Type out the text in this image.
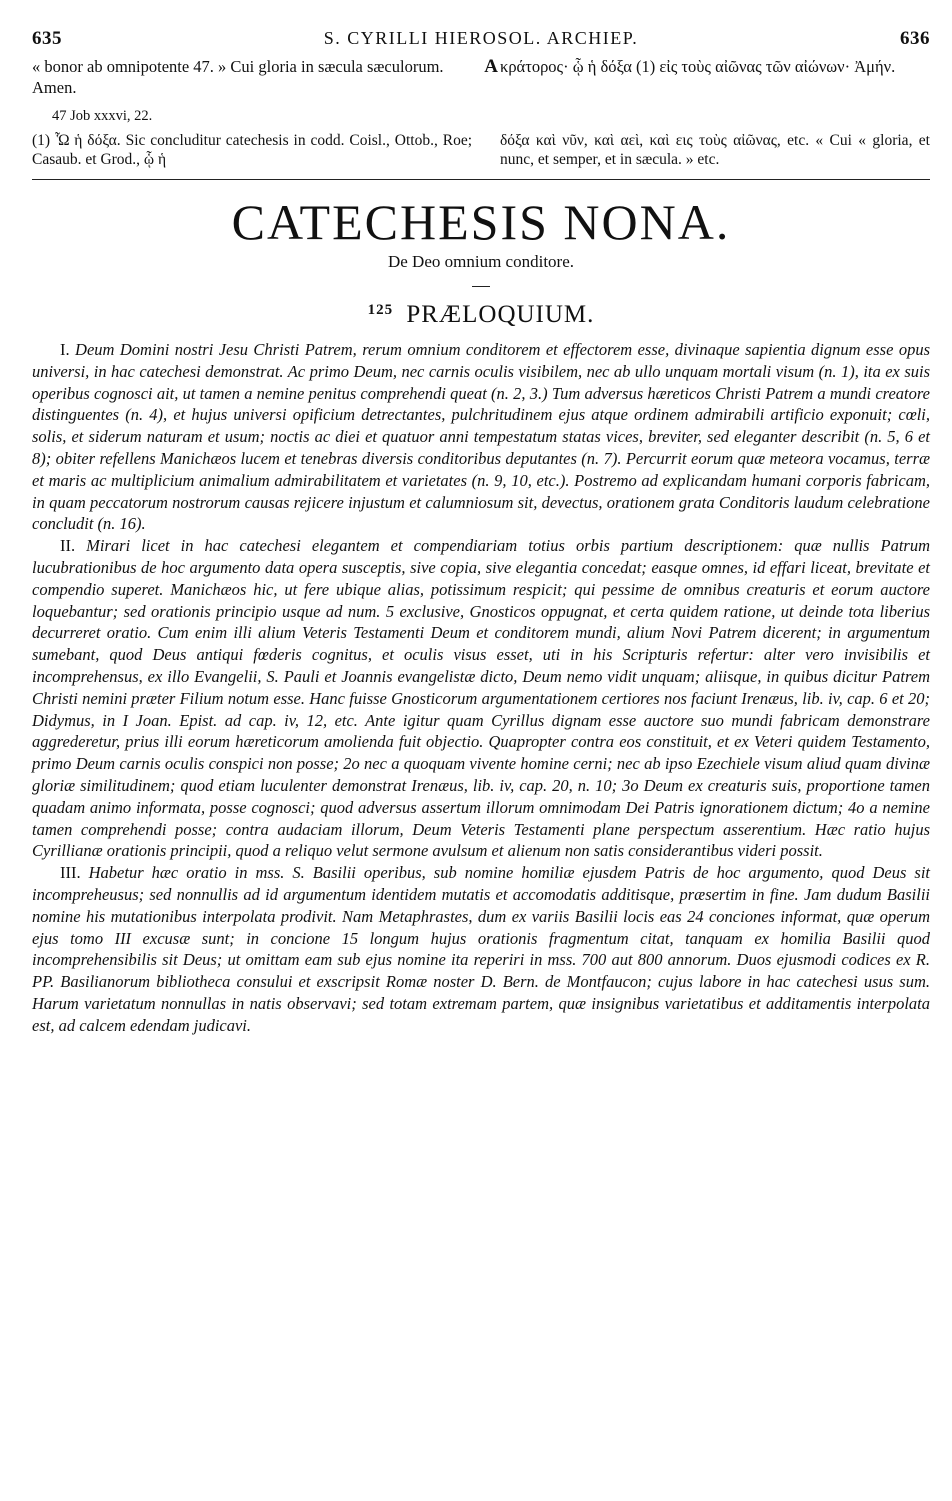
635	S. CYRILLI HIEROSOL. ARCHIEP.	636
A
« bonor ab omnipotente 47. » Cui gloria in sæcula sæculorum. Amen.
κράτορος· ᾧ ἡ δόξα (1) εἰς τοὺς αἰῶνας τῶν αἰώνων· Ἀμήν.
47 Job xxxvi, 22.
(1) Ὧ ἡ δόξα. Sic concluditur catechesis in codd. Coisl., Ottob., Roe; Casaub. et Grod., ᾧ ἡ
δόξα καὶ νῦν, καὶ αεὶ, καὶ εις τοὺς αἰῶνας, etc. « Cui « gloria, et nunc, et semper, et in sæcula. » etc.
CATECHESIS NONA.
De Deo omnium conditore.
$^{125}$ PRÆLOQUIUM.

I. Deum Domini nostri Jesu Christi Patrem, rerum omnium conditorem et effectorem esse, divinaque sapientia dignum esse opus universi, in hac catechesi demonstrat. Ac primo Deum, nec carnis oculis visibilem, nec ab ullo unquam mortali visum (n. 1), ita ex suis operibus cognosci ait, ut tamen a nemine penitus comprehendi queat (n. 2, 3.) Tum adversus hæreticos Christi Patrem a mundi creatore distinguentes (n. 4), et hujus universi opificium detrectantes, pulchritudinem ejus atque ordinem admirabili artificio exponuit; cœli, solis, et siderum naturam et usum; noctis ac diei et quatuor anni tempestatum statas vices, breviter, sed eleganter describit (n. 5, 6 et 8); obiter refellens Manichæos lucem et tenebras diversis conditoribus deputantes (n. 7). Percurrit eorum quæ meteora vocamus, terræ et maris ac multiplicium animalium admirabilitatem et varietates (n. 9, 10, etc.). Postremo ad explicandam humani corporis fabricam, in quam peccatorum nostrorum causas rejicere injustum et calumniosum sit, devectus, orationem grata Conditoris laudum celebratione concludit (n. 16).

II. Mirari licet in hac catechesi elegantem et compendiariam totius orbis partium descriptionem: quæ nullis Patrum lucubrationibus de hoc argumento data opera susceptis, sive copia, sive elegantia concedat; easque omnes, id effari liceat, brevitate et compendio superet. Manichæos hic, ut fere ubique alias, potissimum respicit; qui pessime de omnibus creaturis et eorum auctore loquebantur; sed orationis principio usque ad num. 5 exclusive, Gnosticos oppugnat, et certa quidem ratione, ut deinde tota liberius decurreret oratio. Cum enim illi alium Veteris Testamenti Deum et conditorem mundi, alium Novi Patrem dicerent; in argumentum sumebant, quod Deus antiqui fœderis cognitus, et oculis visus esset, uti in his Scripturis refertur: alter vero invisibilis et incomprehensus, ex illo Evangelii, S. Pauli et Joannis evangelistæ dicto, Deum nemo vidit unquam; aliisque, in quibus dicitur Patrem Christi nemini præter Filium notum esse. Hanc fuisse Gnosticorum argumentationem certiores nos faciunt Irenæus, lib. iv, cap. 6 et 20; Didymus, in I Joan. Epist. ad cap. iv, 12, etc. Ante igitur quam Cyrillus dignam esse auctore suo mundi fabricam demonstrare aggrederetur, prius illi eorum hæreticorum amolienda fuit objectio. Quapropter contra eos constituit, et ex Veteri quidem Testamento, primo Deum carnis oculis conspici non posse; 2o nec a quoquam vivente homine cerni; nec ab ipso Ezechiele visum aliud quam divinæ gloriæ similitudinem; quod etiam luculenter demonstrat Irenæus, lib. iv, cap. 20, n. 10; 3o Deum ex creaturis suis, proportione tamen quadam animo informata, posse cognosci; quod adversus assertum illorum omnimodam Dei Patris ignorationem dictum; 4o a nemine tamen comprehendi posse; contra audaciam illorum, Deum Veteris Testamenti plane perspectum asserentium. Hæc ratio hujus Cyrillianæ orationis principii, quod a reliquo velut sermone avulsum et alienum non satis considerantibus videri possit.

III. Habetur hæc oratio in mss. S. Basilii operibus, sub nomine homiliæ ejusdem Patris de hoc argumento, quod Deus sit incompreheusus; sed nonnullis ad id argumentum identidem mutatis et accomodatis additisque, præsertim in fine. Jam dudum Basilii nomine his mutationibus interpolata prodivit. Nam Metaphrastes, dum ex variis Basilii locis eas 24 conciones informat, quæ operum ejus tomo III excusæ sunt; in concione 15 longum hujus orationis fragmentum citat, tanquam ex homilia Basilii quod incomprehensibilis sit Deus; ut omittam eam sub ejus nomine ita reperiri in mss. 700 aut 800 annorum. Duos ejusmodi codices ex R. PP. Basilianorum bibliotheca consului et exscripsit Romæ noster D. Bern. de Montfaucon; cujus labore in hac catechesi usus sum. Harum varietatum nonnullas in natis observavi; sed totam extremam partem, quæ insignibus varietatibus et additamentis interpolata est, ad calcem edendam judicavi.
